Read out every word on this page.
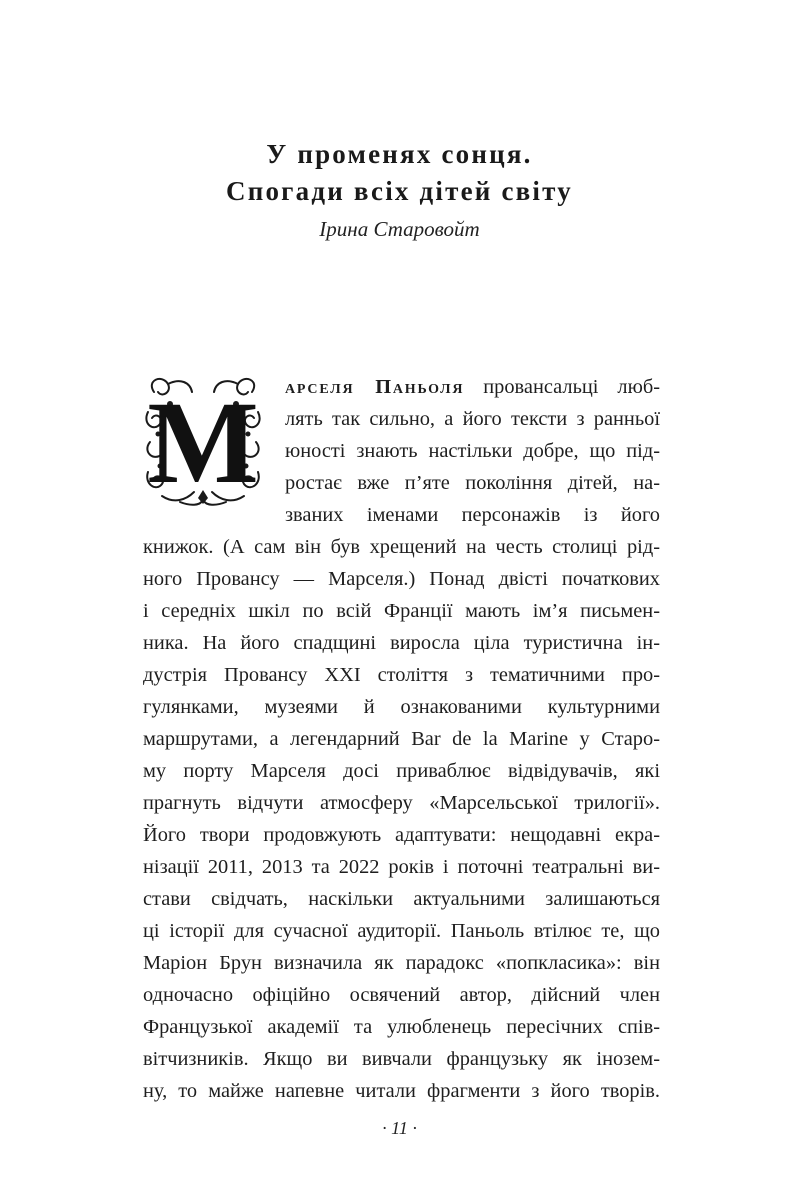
У променях сонця.
Спогади всіх дітей світу
Ірина Старовойт
M арселя Паньоля провансальці люб-
лять так сильно, а його тексти з ранньої
юності знають настільки добре, що під-
ростає вже п’яте покоління дітей, на-
званих іменами персонажів із його
книжок. (А сам він був хрещений на честь столиці рід-
ного Провансу — Марселя.) Понад двісті початкових
і середніх шкіл по всій Франції мають ім’я письмен-
ника. На його спадщині виросла ціла туристична ін-
дустрія Провансу XXI століття з тематичними про-
гулянками, музеями й ознакованими культурними
маршрутами, а легендарний Bar de la Marine у Старо-
му порту Марселя досі приваблює відвідувачів, які
прагнуть відчути атмосферу «Марсельської трилогії».
Його твори продовжують адаптувати: нещодавні екра-
нізації 2011, 2013 та 2022 років і поточні театральні ви-
стави свідчать, наскільки актуальними залишаються
ці історії для сучасної аудиторії. Паньоль втілює те, що
Маріон Брун визначила як парадокс «попкласика»: він
одночасно офіційно освячений автор, дійсний член
Французької академії та улюбленець пересічних спів-
вітчизників. Якщо ви вивчали французьку як інозем-
ну, то майже напевне читали фрагменти з його творів.
· 11 ·
